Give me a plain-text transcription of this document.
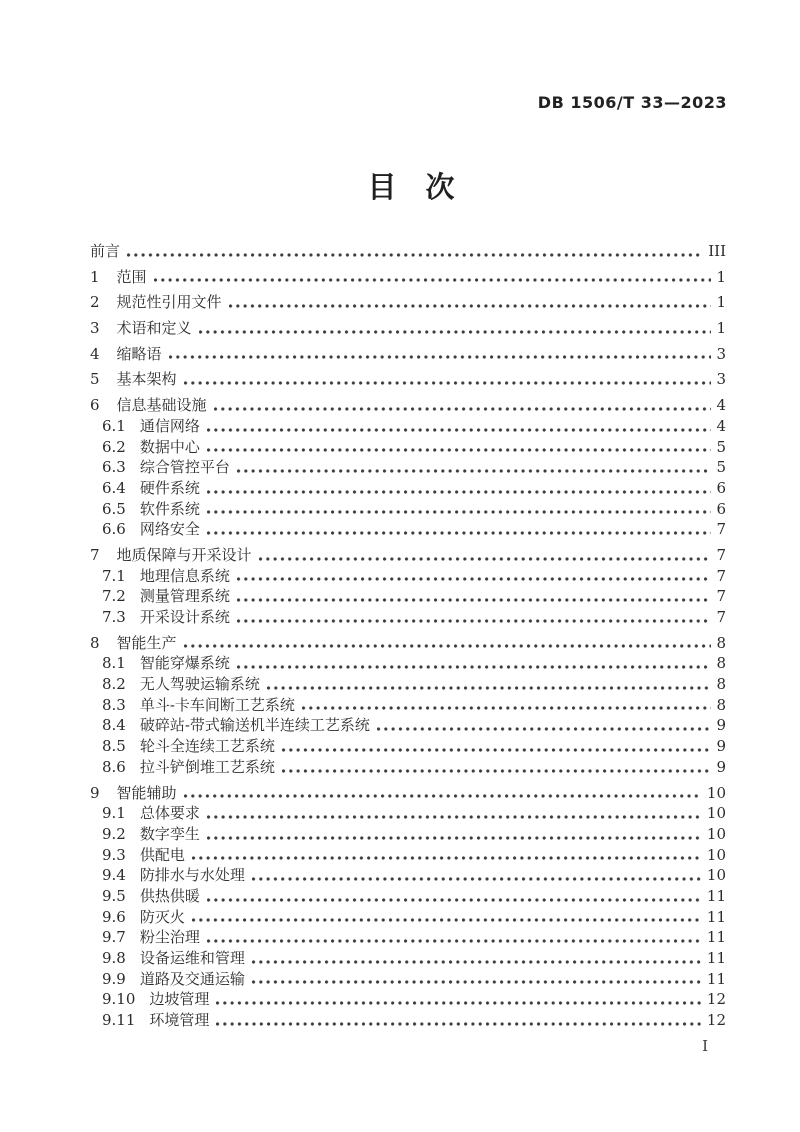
DB 1506/T 33—2023
目　次
前言	III
1 范围	1
2 规范性引用文件	1
3 术语和定义	1
4 缩略语	3
5 基本架构	3
6 信息基础设施	4
6.1 通信网络	4
6.2 数据中心	5
6.3 综合管控平台	5
6.4 硬件系统	6
6.5 软件系统	6
6.6 网络安全	7
7 地质保障与开采设计	7
7.1 地理信息系统	7
7.2 测量管理系统	7
7.3 开采设计系统	7
8 智能生产	8
8.1 智能穿爆系统	8
8.2 无人驾驶运输系统	8
8.3 单斗-卡车间断工艺系统	8
8.4 破碎站-带式输送机半连续工艺系统	9
8.5 轮斗全连续工艺系统	9
8.6 拉斗铲倒堆工艺系统	9
9 智能辅助	10
9.1 总体要求	10
9.2 数字孪生	10
9.3 供配电	10
9.4 防排水与水处理	10
9.5 供热供暖	11
9.6 防灭火	11
9.7 粉尘治理	11
9.8 设备运维和管理	11
9.9 道路及交通运输	11
9.10 边坡管理	12
9.11 环境管理	12
I
